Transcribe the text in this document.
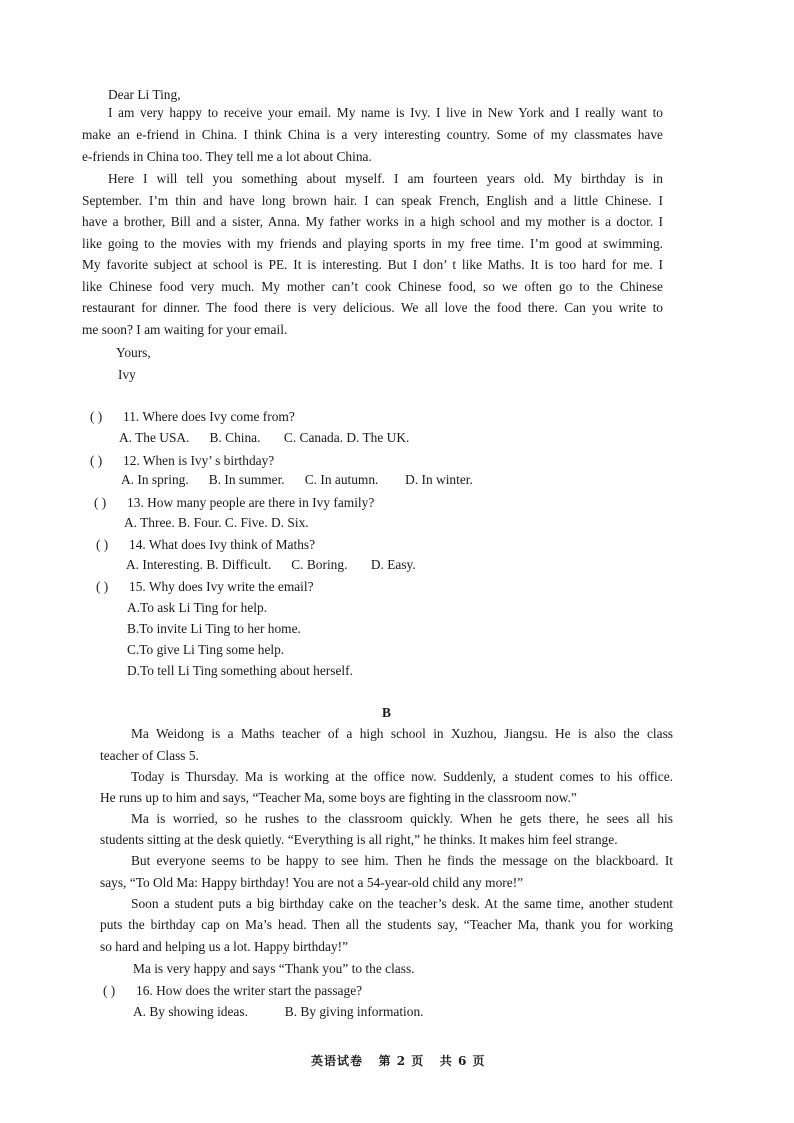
Dear Li Ting,
I am very happy to receive your email. My name is Ivy. I live in New York and I really want to
make an e-friend in China. I think China is a very interesting country. Some of my classmates have
e-friends in China too. They tell me a lot about China.
Here I will tell you something about myself. I am fourteen years old. My birthday is in
September. I’m thin and have long brown hair. I can speak French, English and a little Chinese. I
have a brother, Bill and a sister, Anna. My father works in a high school and my mother is a doctor. I
like going to the movies with my friends and playing sports in my free time. I’m good at swimming.
My favorite subject at school is PE. It is interesting. But I don’ t like Maths. It is too hard for me. I
like Chinese food very much. My mother can’t cook Chinese food, so we often go to the Chinese
restaurant for dinner. The food there is very delicious. We all love the food there. Can you write to
me soon? I am waiting for your email.
Yours,
Ivy
( ) 11. Where does Ivy come from?
A. The USA.      B. China.       C. Canada. D. The UK.
( ) 12. When is Ivy’ s birthday?
A. In spring.      B. In summer.      C. In autumn.        D. In winter.
( ) 13. How many people are there in Ivy family?
A. Three. B. Four. C. Five. D. Six.
( ) 14. What does Ivy think of Maths?
A. Interesting. B. Difficult.      C. Boring.       D. Easy.
( ) 15. Why does Ivy write the email?
A.To ask Li Ting for help.
B.To invite Li Ting to her home.
C.To give Li Ting some help.
D.To tell Li Ting something about herself.
B
Ma Weidong is a Maths teacher of a high school in Xuzhou, Jiangsu. He is also the class
teacher of Class 5.
Today is Thursday. Ma is working at the office now. Suddenly, a student comes to his office.
He runs up to him and says, “Teacher Ma, some boys are fighting in the classroom now.”
Ma is worried, so he rushes to the classroom quickly. When he gets there, he sees all his
students sitting at the desk quietly. “Everything is all right,” he thinks. It makes him feel strange.
But everyone seems to be happy to see him. Then he finds the message on the blackboard. It
says, “To Old Ma: Happy birthday! You are not a 54-year-old child any more!”
Soon a student puts a big birthday cake on the teacher’s desk. At the same time, another student
puts the birthday cap on Ma’s head. Then all the students say, “Teacher Ma, thank you for working
so hard and helping us a lot. Happy birthday!”
Ma is very happy and says “Thank you” to the class.
( ) 16. How does the writer start the passage?
A. By showing ideas.           B. By giving information.
英语试卷   第 2 页   共 6 页
